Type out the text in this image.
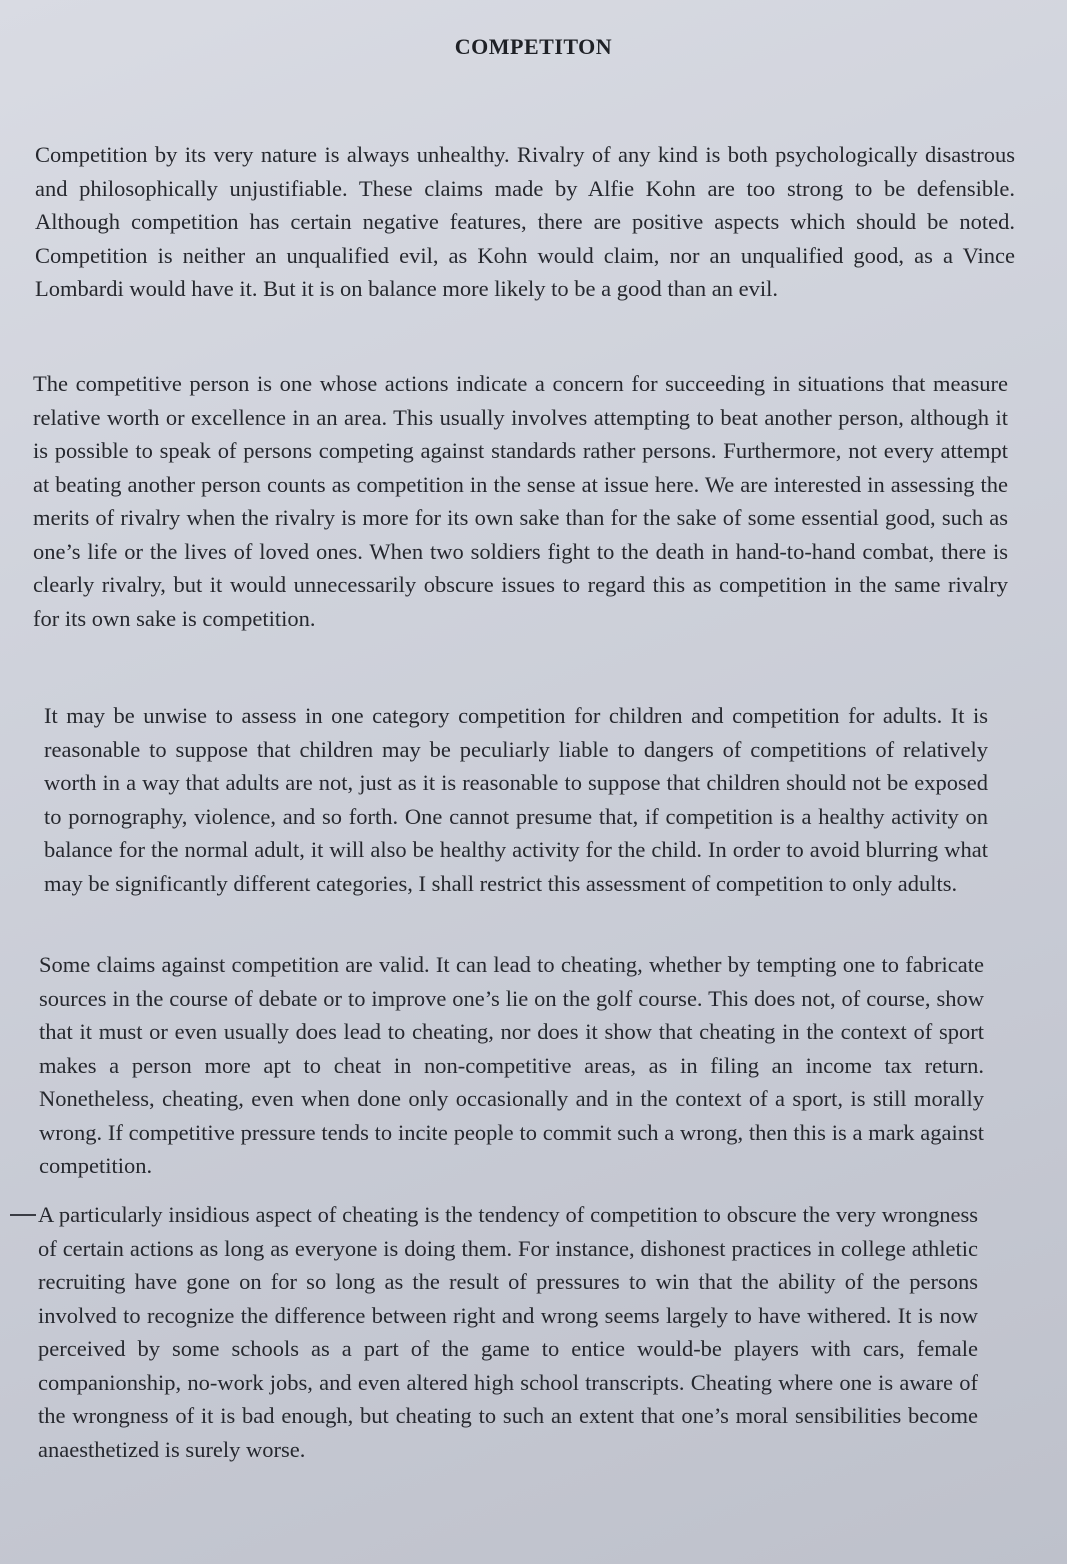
COMPETITON

Competition by its very nature is always unhealthy. Rivalry of any kind is both psychologically disastrous and philosophically unjustifiable. These claims made by Alfie Kohn are too strong to be defensible. Although competition has certain negative features, there are positive aspects which should be noted. Competition is neither an unqualified evil, as Kohn would claim, nor an unqualified good, as a Vince Lombardi would have it. But it is on balance more likely to be a good than an evil.

The competitive person is one whose actions indicate a concern for succeeding in situations that measure relative worth or excellence in an area. This usually involves attempting to beat another person, although it is possible to speak of persons competing against standards rather persons. Furthermore, not every attempt at beating another person counts as competition in the sense at issue here. We are interested in assessing the merits of rivalry when the rivalry is more for its own sake than for the sake of some essential good, such as one’s life or the lives of loved ones. When two soldiers fight to the death in hand-to-hand combat, there is clearly rivalry, but it would unnecessarily obscure issues to regard this as competition in the same rivalry for its own sake is competition.

It may be unwise to assess in one category competition for children and competition for adults. It is reasonable to suppose that children may be peculiarly liable to dangers of competitions of relatively worth in a way that adults are not, just as it is reasonable to suppose that children should not be exposed to pornography, violence, and so forth. One cannot presume that, if competition is a healthy activity on balance for the normal adult, it will also be healthy activity for the child. In order to avoid blurring what may be significantly different categories, I shall restrict this assessment of competition to only adults.

Some claims against competition are valid. It can lead to cheating, whether by tempting one to fabricate sources in the course of debate or to improve one’s lie on the golf course. This does not, of course, show that it must or even usually does lead to cheating, nor does it show that cheating in the context of sport makes a person more apt to cheat in non-competitive areas, as in filing an income tax return. Nonetheless, cheating, even when done only occasionally and in the context of a sport, is still morally wrong. If competitive pressure tends to incite people to commit such a wrong, then this is a mark against competition.

A particularly insidious aspect of cheating is the tendency of competition to obscure the very wrongness of certain actions as long as everyone is doing them. For instance, dishonest practices in college athletic recruiting have gone on for so long as the result of pressures to win that the ability of the persons involved to recognize the difference between right and wrong seems largely to have withered. It is now perceived by some schools as a part of the game to entice would-be players with cars, female companionship, no-work jobs, and even altered high school transcripts. Cheating where one is aware of the wrongness of it is bad enough, but cheating to such an extent that one’s moral sensibilities become anaesthetized is surely worse.
